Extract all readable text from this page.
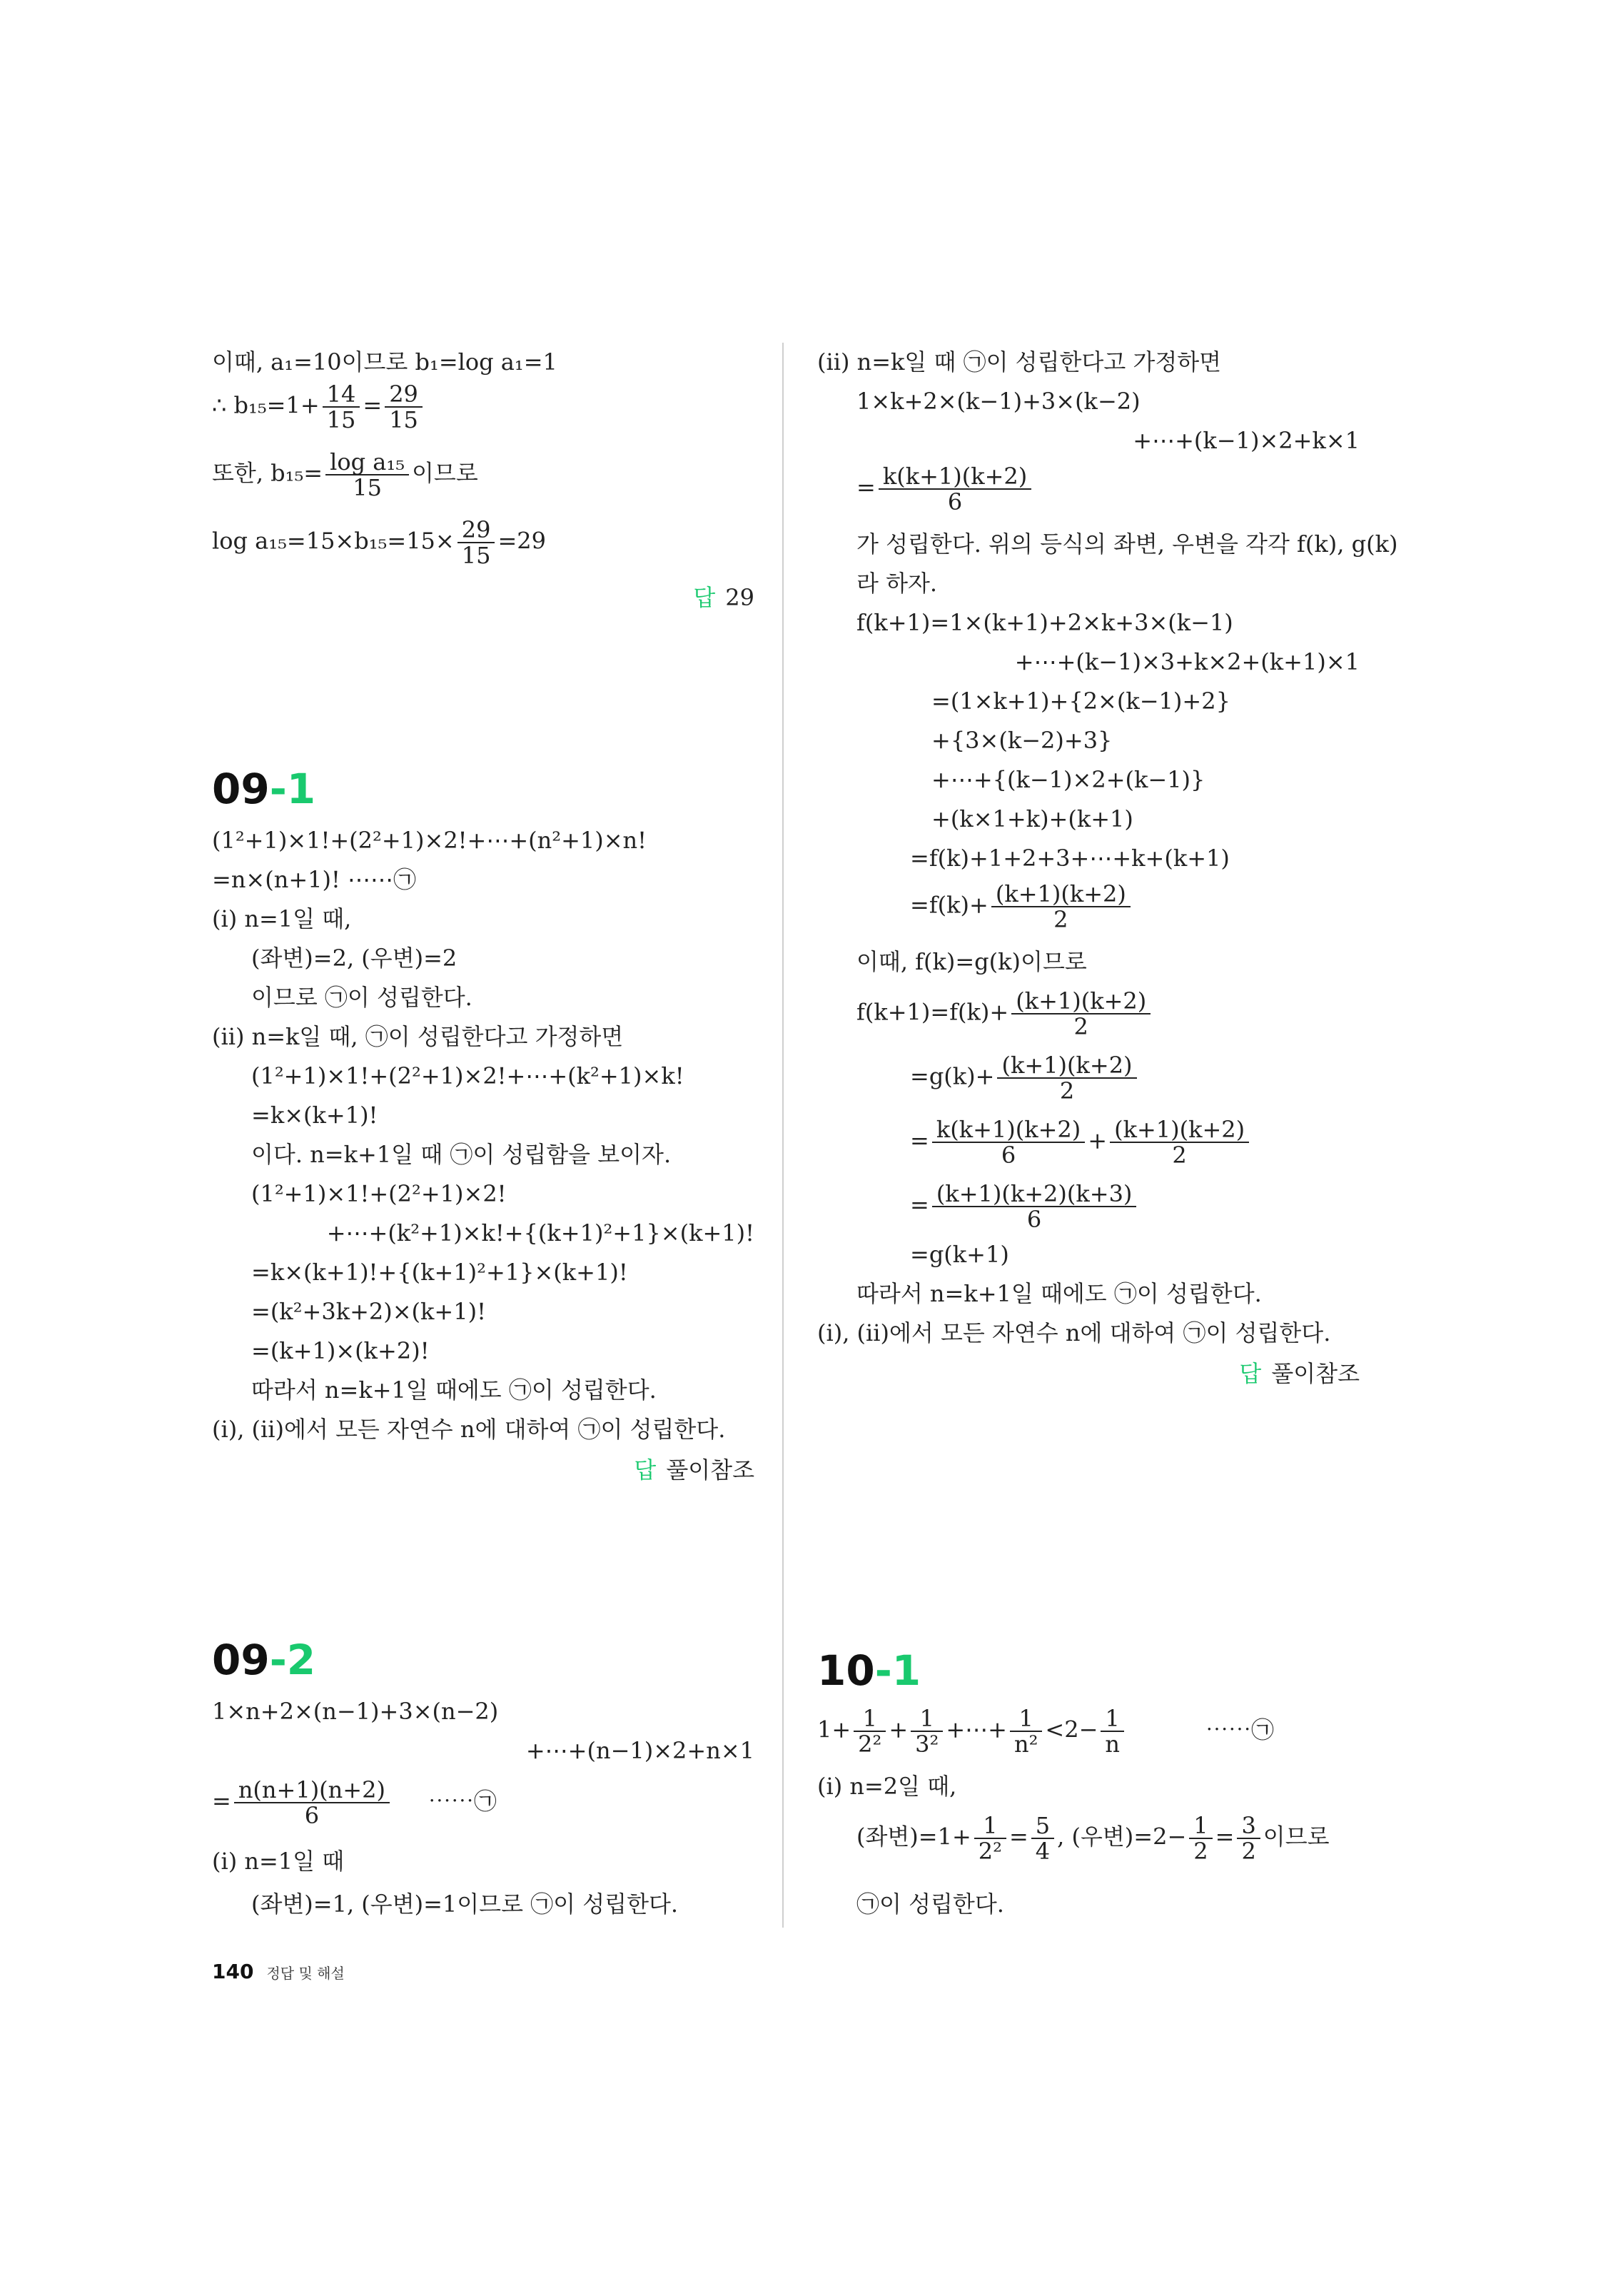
이때, a₁=10이므로 b₁=log a₁=1
∴ $b_{15}=1+ \frac{14}{15} = \frac{29}{15}$
또한, $b_{15}= \frac{\text{log a₁₅}}{15}$ 이므로
$\log a_{15}=15\times b_{15}=15\times \frac{29}{15} =29$
답 29
09-1
(1²+1)×1!+(2²+1)×2!+⋯+(n²+1)×n!
=n×(n+1)! ⋯⋯㉠
(ⅰ) n=1일 때,
(좌변)=2, (우변)=2
이므로 ㉠이 성립한다.
(ⅱ) n=k일 때, ㉠이 성립한다고 가정하면
(1²+1)×1!+(2²+1)×2!+⋯+(k²+1)×k!
=k×(k+1)!
이다. n=k+1일 때 ㉠이 성립함을 보이자.
(1²+1)×1!+(2²+1)×2!
+⋯+(k²+1)×k!+{(k+1)²+1}×(k+1)!
=k×(k+1)!+{(k+1)²+1}×(k+1)!
=(k²+3k+2)×(k+1)!
=(k+1)×(k+2)!
따라서 n=k+1일 때에도 ㉠이 성립한다.
(ⅰ), (ⅱ)에서 모든 자연수 n에 대하여 ㉠이 성립한다.
답 풀이참조
09-2
1×n+2×(n−1)+3×(n−2)
+⋯+(n−1)×2+n×1
= $\frac{n(n+1)(n+2)}{6}$ ⋯⋯㉠
(ⅰ) n=1일 때
(좌변)=1, (우변)=1이므로 ㉠이 성립한다.
(ⅱ) n=k일 때 ㉠이 성립한다고 가정하면
1×k+2×(k−1)+3×(k−2)
+⋯+(k−1)×2+k×1
= $\frac{k(k+1)(k+2)}{6}$
가 성립한다. 위의 등식의 좌변, 우변을 각각 f(k), g(k)
라 하자.
f(k+1)=1×(k+1)+2×k+3×(k−1)
+⋯+(k−1)×3+k×2+(k+1)×1
=(1×k+1)+{2×(k−1)+2}
+{3×(k−2)+3}
+⋯+{(k−1)×2+(k−1)}
+(k×1+k)+(k+1)
=f(k)+1+2+3+⋯+k+(k+1)
$=f(k)+ \frac{(k+1)(k+2)}{2}$
이때, f(k)=g(k)이므로
$f(k+1)=f(k)+ \frac{(k+1)(k+2)}{2}$
$=g(k)+ \frac{(k+1)(k+2)}{2}$
= $\frac{k(k+1)(k+2)}{6} + \frac{(k+1)(k+2)}{2}$
= $\frac{(k+1)(k+2)(k+3)}{6}$
=g(k+1)
따라서 n=k+1일 때에도 ㉠이 성립한다.
(ⅰ), (ⅱ)에서 모든 자연수 n에 대하여 ㉠이 성립한다.
답 풀이참조
10-1
$1+ \frac{1}{\text{2²}} + \frac{1}{\text{3²}}$ +⋯+ $\frac{1}{\text{n²}} <2- \frac{1}{n}$	⋯⋯㉠
(ⅰ) n=2일 때,
(좌변)$=1+ \frac{1}{\text{2²}} = \frac{5}{4}$ , (우변)$=2- \frac{1}{2} = \frac{3}{2}$ 이므로
㉠이 성립한다.
140 정답 및 해설
